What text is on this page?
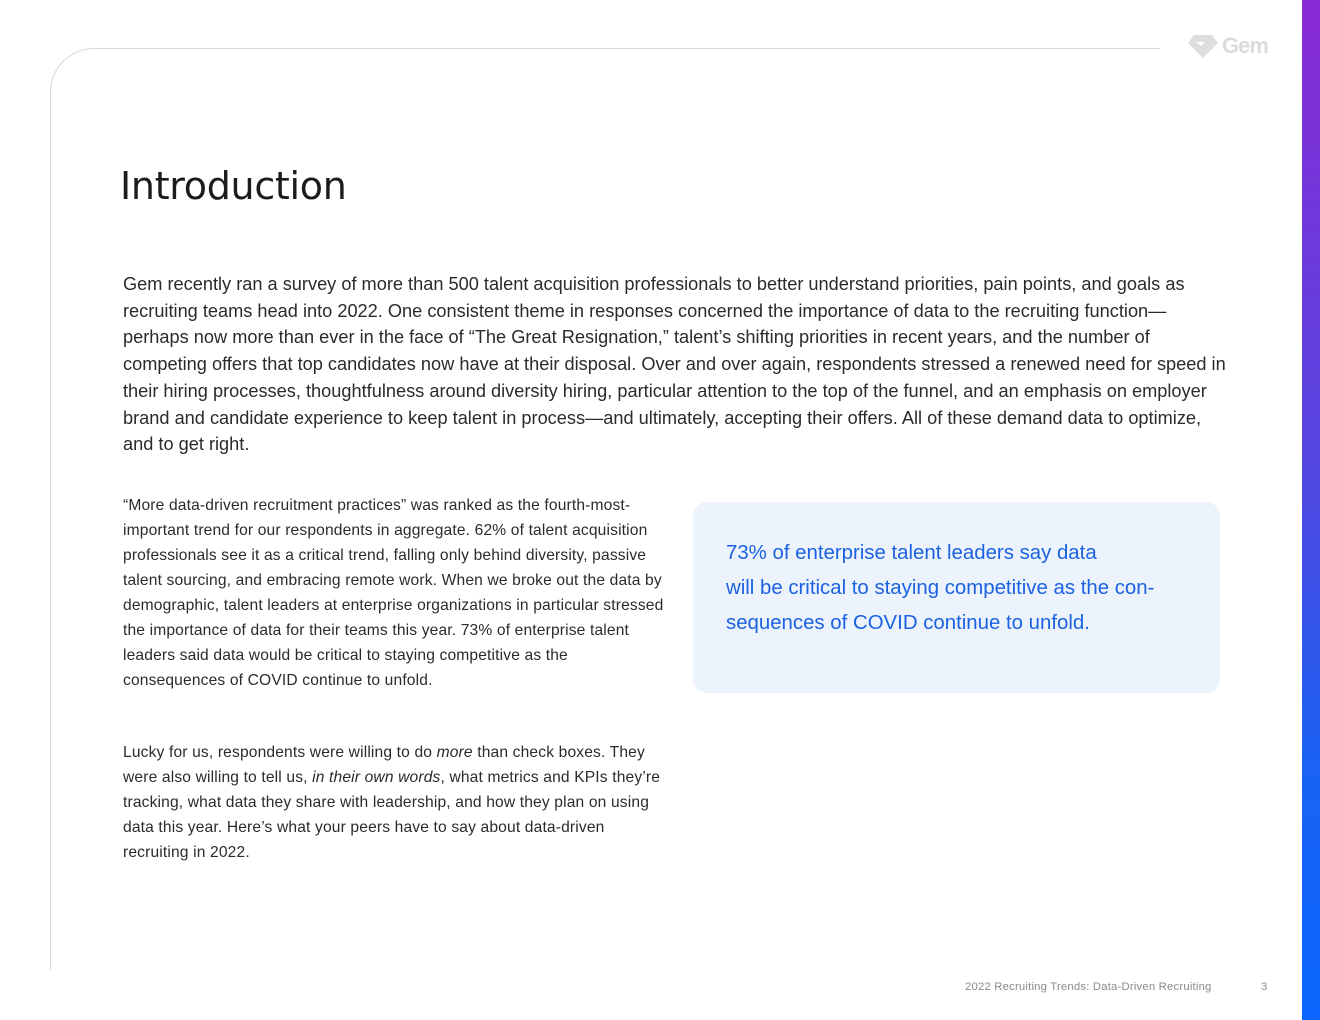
Gem
Introduction

Gem recently ran a survey of more than 500 talent acquisition professionals to better understand priorities, pain points, and goals as recruiting teams head into 2022. One consistent theme in responses concerned the importance of data to the recruiting function—perhaps now more than ever in the face of “The Great Resignation,” talent’s shifting priorities in recent years, and the number of competing offers that top candidates now have at their disposal. Over and over again, respondents stressed a renewed need for speed in their hiring processes, thoughtfulness around diversity hiring, particular attention to the top of the funnel, and an emphasis on employer brand and candidate experience to keep talent in process—and ultimately, accepting their offers. All of these demand data to optimize, and to get right.

“More data-driven recruitment practices” was ranked as the fourth-most-important trend for our respondents in aggregate. 62% of talent acquisition professionals see it as a critical trend, falling only behind diversity, passive talent sourcing, and embracing remote work. When we broke out the data by demographic, talent leaders at enterprise organizations in particular stressed the importance of data for their teams this year. 73% of enterprise talent leaders said data would be critical to staying competitive as the consequences of COVID continue to unfold.

Lucky for us, respondents were willing to do more than check boxes. They were also willing to tell us, in their own words, what metrics and KPIs they’re tracking, what data they share with leadership, and how they plan on using data this year. Here’s what your peers have to say about data-driven recruiting in 2022.

73% of enterprise talent leaders say data
will be critical to staying competitive as the con-
sequences of COVID continue to unfold.

2022 Recruiting Trends: Data-Driven Recruiting	3
